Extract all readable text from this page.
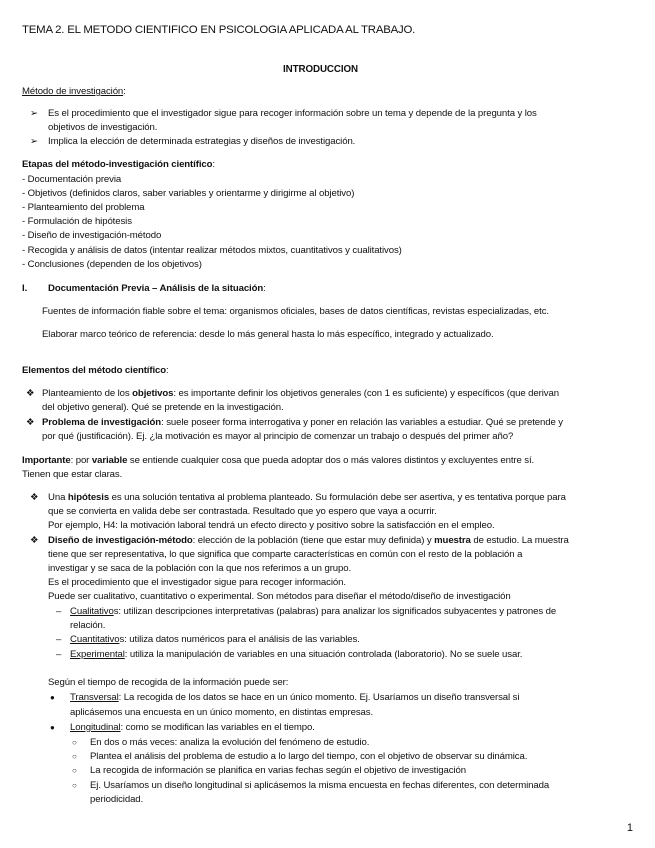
TEMA 2. EL METODO CIENTIFICO EN PSICOLOGIA APLICADA AL TRABAJO.
INTRODUCCION
Método de investigación:
➢ Es el procedimiento que el investigador sigue para recoger información sobre un tema y depende de la pregunta y los
objetivos de investigación.
➢ Implica la elección de determinada estrategias y diseños de investigación.
Etapas del método-investigación científico:
- Documentación previa
- Objetivos (definidos claros, saber variables y orientarme y dirigirme al objetivo)
- Planteamiento del problema
- Formulación de hipótesis
- Diseño de investigación-método
- Recogida y análisis de datos (intentar realizar métodos mixtos, cuantitativos y cualitativos)
- Conclusiones (dependen de los objetivos)
I. Documentación Previa – Análisis de la situación:
Fuentes de información fiable sobre el tema: organismos oficiales, bases de datos científicas, revistas especializadas, etc.
Elaborar marco teórico de referencia: desde lo más general hasta lo más específico, integrado y actualizado.
Elementos del método científico:
❖ Planteamiento de los objetivos: es importante definir los objetivos generales (con 1 es suficiente) y específicos (que derivan
del objetivo general). Qué se pretende en la investigación.
❖ Problema de investigación: suele poseer forma interrogativa y poner en relación las variables a estudiar. Qué se pretende y
por qué (justificación). Ej. ¿la motivación es mayor al principio de comenzar un trabajo o después del primer año?
Importante: por variable se entiende cualquier cosa que pueda adoptar dos o más valores distintos y excluyentes entre sí.
Tienen que estar claras.
❖ Una hipótesis es una solución tentativa al problema planteado. Su formulación debe ser asertiva, y es tentativa porque para
que se convierta en valida debe ser contrastada. Resultado que yo espero que vaya a ocurrir.
Por ejemplo, H4: la motivación laboral tendrá un efecto directo y positivo sobre la satisfacción en el empleo.
❖ Diseño de investigación-método: elección de la población (tiene que estar muy definida) y muestra de estudio. La muestra
tiene que ser representativa, lo que significa que comparte características en común con el resto de la población a
investigar y se saca de la población con la que nos referimos a un grupo.
Es el procedimiento que el investigador sigue para recoger información.
Puede ser cualitativo, cuantitativo o experimental. Son métodos para diseñar el método/diseño de investigación
– Cualitativos: utilizan descripciones interpretativas (palabras) para analizar los significados subyacentes y patrones de
relación.
– Cuantitativos: utiliza datos numéricos para el análisis de las variables.
– Experimental: utiliza la manipulación de variables en una situación controlada (laboratorio). No se suele usar.
Según el tiempo de recogida de la información puede ser:
● Transversal: La recogida de los datos se hace en un único momento. Ej. Usaríamos un diseño transversal si
aplicásemos una encuesta en un único momento, en distintas empresas.
● Longitudinal: como se modifican las variables en el tiempo.
○ En dos o más veces: analiza la evolución del fenómeno de estudio.
○ Plantea el análisis del problema de estudio a lo largo del tiempo, con el objetivo de observar su dinámica.
○ La recogida de información se planifica en varias fechas según el objetivo de investigación
○ Ej. Usaríamos un diseño longitudinal si aplicásemos la misma encuesta en fechas diferentes, con determinada
periodicidad.
1
